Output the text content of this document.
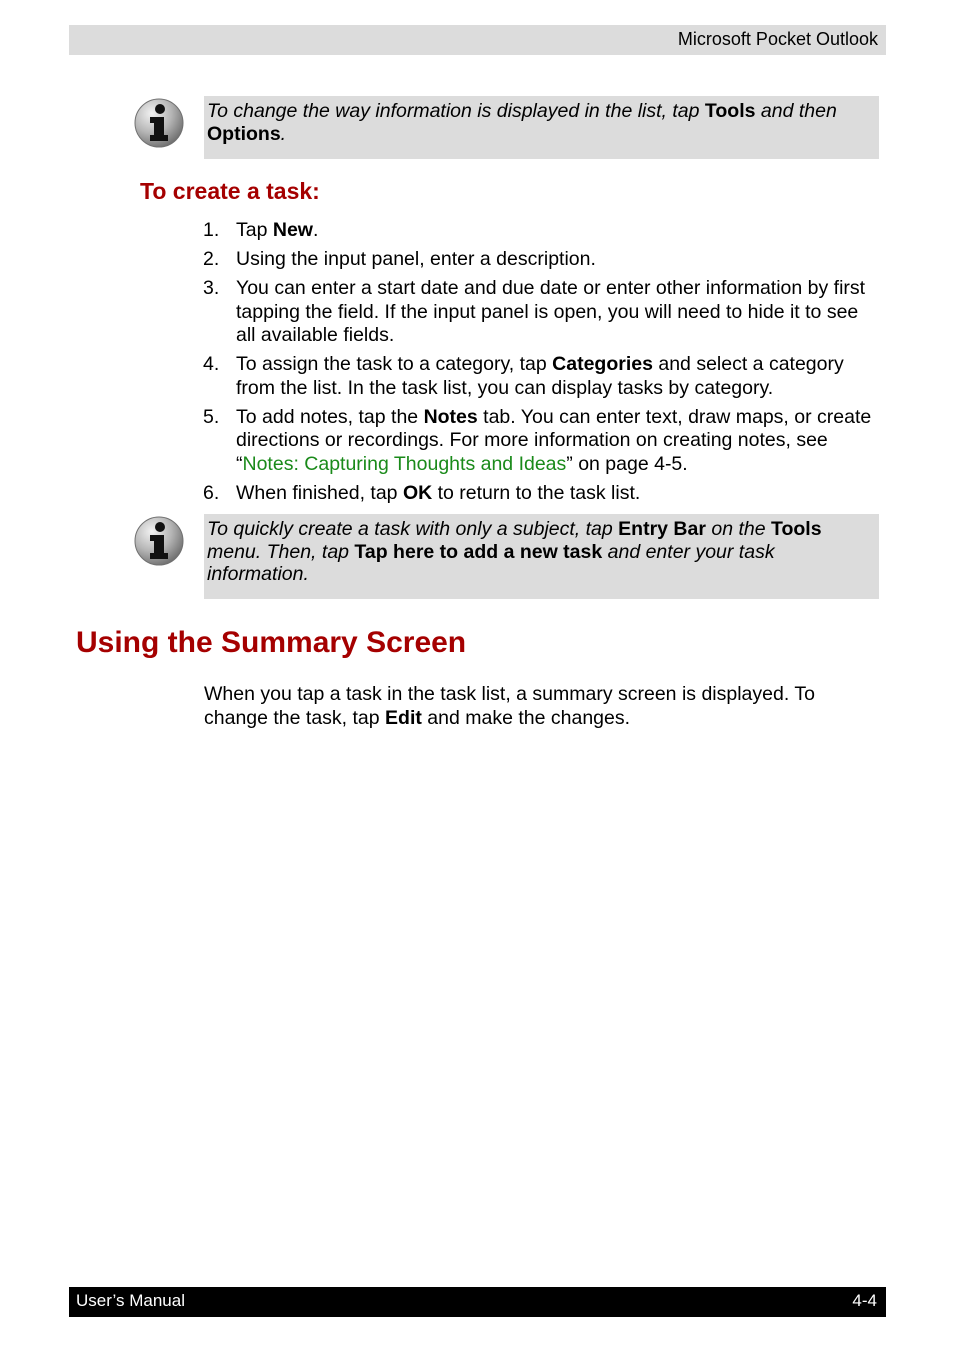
Microsoft Pocket Outlook
To change the way information is displayed in the list, tap Tools and then Options.
To create a task:
1. Tap New.
2. Using the input panel, enter a description.
3. You can enter a start date and due date or enter other information by first tapping the field. If the input panel is open, you will need to hide it to see all available fields.
4. To assign the task to a category, tap Categories and select a category from the list. In the task list, you can display tasks by category.
5. To add notes, tap the Notes tab. You can enter text, draw maps, or create directions or recordings. For more information on creating notes, see “Notes: Capturing Thoughts and Ideas” on page 4-5.
6. When finished, tap OK to return to the task list.
To quickly create a task with only a subject, tap Entry Bar on the Tools menu. Then, tap Tap here to add a new task and enter your task information.
Using the Summary Screen

When you tap a task in the task list, a summary screen is displayed. To change the task, tap Edit and make the changes.

User’s Manual	4-4
